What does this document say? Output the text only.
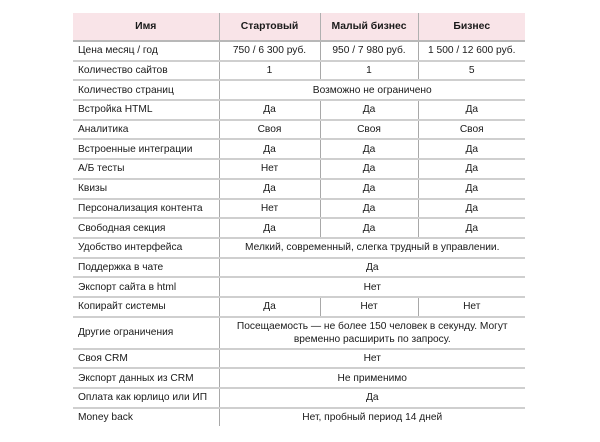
Имя	Стартовый	Малый бизнес	Бизнес
Цена месяц / год	750 / 6 300 руб.	950 / 7 980 руб.	1 500 / 12 600 руб.
Количество сайтов	1	1	5
Количество страниц	Возможно не ограничено		
Встройка HTML	Да	Да	Да
Аналитика	Своя	Своя	Своя
Встроенные интеграции	Да	Да	Да
А/Б тесты	Нет	Да	Да
Квизы	Да	Да	Да
Персонализация контента	Нет	Да	Да
Свободная секция	Да	Да	Да
Удобство интерфейса	Мелкий, современный, слегка трудный в управлении.		
Поддержка в чате	Да		
Экспорт сайта в html	Нет		
Копирайт системы	Да	Нет	Нет
Другие ограничения	Посещаемость — не более 150 человек в секунду. Могут временно расширить по запросу.		
Своя CRM	Нет		
Экспорт данных из CRM	Не применимо		
Оплата как юрлицо или ИП	Да		
Money back	Нет, пробный период 14 дней		
